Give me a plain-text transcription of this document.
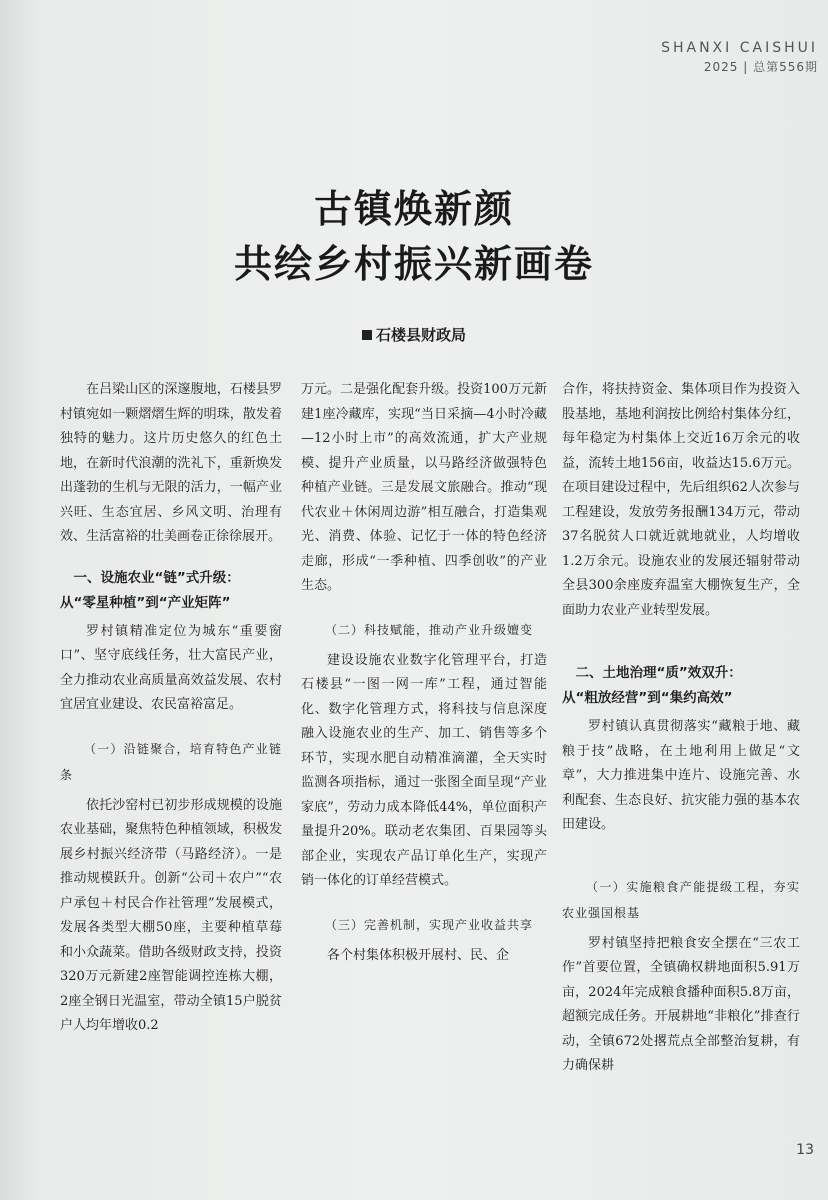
SHANXI CAISHUI
2025 | 总第556期
古镇焕新颜
共绘乡村振兴新画卷
石楼县财政局

在吕梁山区的深邃腹地，石楼县罗村镇宛如一颗熠熠生辉的明珠，散发着独特的魅力。这片历史悠久的红色土地，在新时代浪潮的洗礼下，重新焕发出蓬勃的生机与无限的活力，一幅产业兴旺、生态宜居、乡风文明、治理有效、生活富裕的壮美画卷正徐徐展开。

一、设施农业“链”式升级：
从“零星种植”到“产业矩阵”

罗村镇精准定位为城东“重要窗口”、坚守底线任务，壮大富民产业，全力推动农业高质量高效益发展、农村宜居宜业建设、农民富裕富足。

（一）沿链聚合，培育特色产业链条

依托沙窑村已初步形成规模的设施农业基础，聚焦特色种植领域，积极发展乡村振兴经济带（马路经济）。一是推动规模跃升。创新“公司＋农户”“农户承包＋村民合作社管理”发展模式，发展各类型大棚50座，主要种植草莓和小众蔬菜。借助各级财政支持，投资320万元新建2座智能调控连栋大棚，2座全钢日光温室，带动全镇15户脱贫户人均年增收0.2

万元。二是强化配套升级。投资100万元新建1座冷藏库，实现“当日采摘—4小时冷藏—12小时上市”的高效流通，扩大产业规模、提升产业质量，以马路经济做强特色种植产业链。三是发展文旅融合。推动“现代农业＋休闲周边游”相互融合，打造集观光、消费、体验、记忆于一体的特色经济走廊，形成“一季种植、四季创收”的产业生态。

（二）科技赋能，推动产业升级嬗变

建设设施农业数字化管理平台，打造石楼县“一图一网一库”工程，通过智能化、数字化管理方式，将科技与信息深度融入设施农业的生产、加工、销售等多个环节，实现水肥自动精准滴灌，全天实时监测各项指标，通过一张图全面呈现“产业家底”，劳动力成本降低44%，单位面积产量提升20%。联动老农集团、百果园等头部企业，实现农产品订单化生产，实现产销一体化的订单经营模式。

（三）完善机制，实现产业收益共享

各个村集体积极开展村、民、企

合作，将扶持资金、集体项目作为投资入股基地，基地利润按比例给村集体分红，每年稳定为村集体上交近16万余元的收益，流转土地156亩，收益达15.6万元。在项目建设过程中，先后组织62人次参与工程建设，发放劳务报酬134万元，带动37名脱贫人口就近就地就业，人均增收1.2万余元。设施农业的发展还辐射带动全县300余座废弃温室大棚恢复生产，全面助力农业产业转型发展。

二、土地治理“质”效双升：
从“粗放经营”到“集约高效”

罗村镇认真贯彻落实“藏粮于地、藏粮于技”战略，在土地利用上做足“文章”，大力推进集中连片、设施完善、水利配套、生态良好、抗灾能力强的基本农田建设。

（一）实施粮食产能提级工程，夯实农业强国根基

罗村镇坚持把粮食安全摆在“三农工作”首要位置，全镇确权耕地面积5.91万亩，2024年完成粮食播种面积5.8万亩，超额完成任务。开展耕地“非粮化”排查行动，全镇672处撂荒点全部整治复耕，有力确保耕

13
